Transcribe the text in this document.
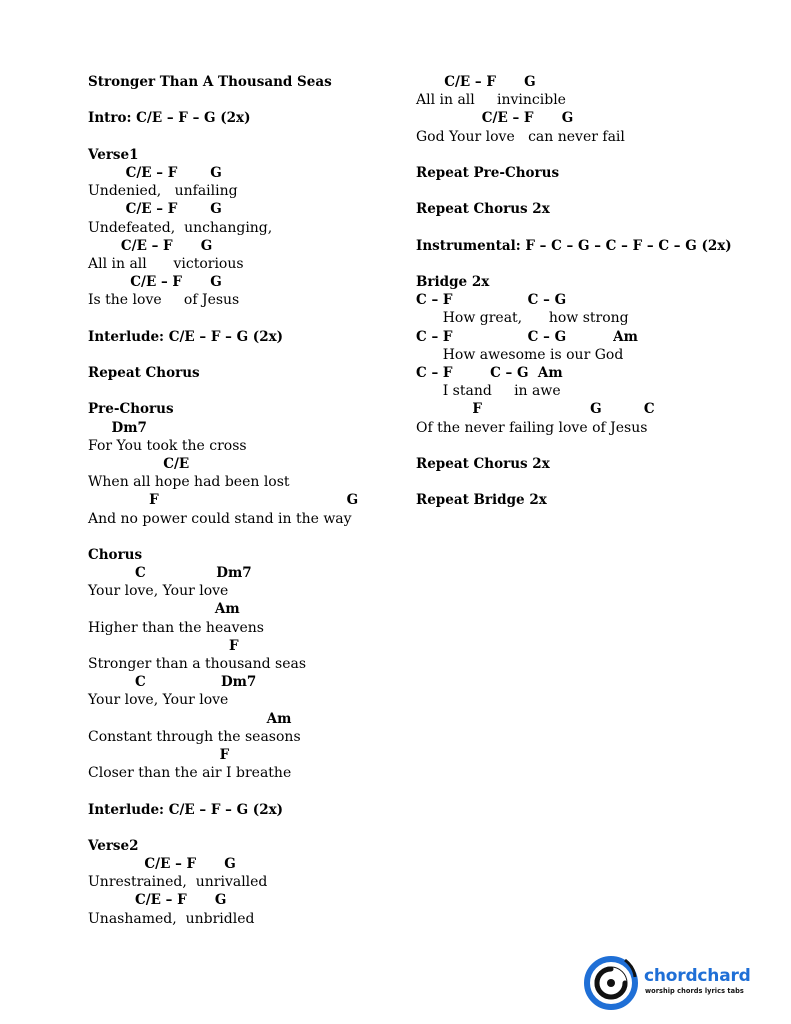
Stronger Than A Thousand Seas
Intro: C/E – F – G (2x)
Verse1
C/E – F       G
Undenied,   unfailing
C/E – F       G
Undefeated,  unchanging,
C/E – F      G
All in all      victorious
C/E – F      G
Is the love     of Jesus
Interlude: C/E – F – G (2x)
Repeat Chorus
Pre-Chorus
Dm7
For You took the cross
C/E
When all hope had been lost
F                                        G
And no power could stand in the way
Chorus
C               Dm7
Your love, Your love
Am
Higher than the heavens
F
Stronger than a thousand seas
C                Dm7
Your love, Your love
Am
Constant through the seasons
F
Closer than the air I breathe
Interlude: C/E – F – G (2x)
Verse2
C/E – F      G
Unrestrained,  unrivalled
C/E – F      G
Unashamed,  unbridled
C/E – F      G
All in all     invincible
C/E – F      G
God Your love   can never fail
Repeat Pre-Chorus
Repeat Chorus 2x
Instrumental: F – C – G – C – F – C – G (2x)
Bridge 2x
C – F                C – G
How great,      how strong
C – F                C – G          Am
How awesome is our God
C – F        C – G  Am
I stand     in awe
F                       G         C
Of the never failing love of Jesus
Repeat Chorus 2x
Repeat Bridge 2x
chordchard
worship chords lyrics tabs
